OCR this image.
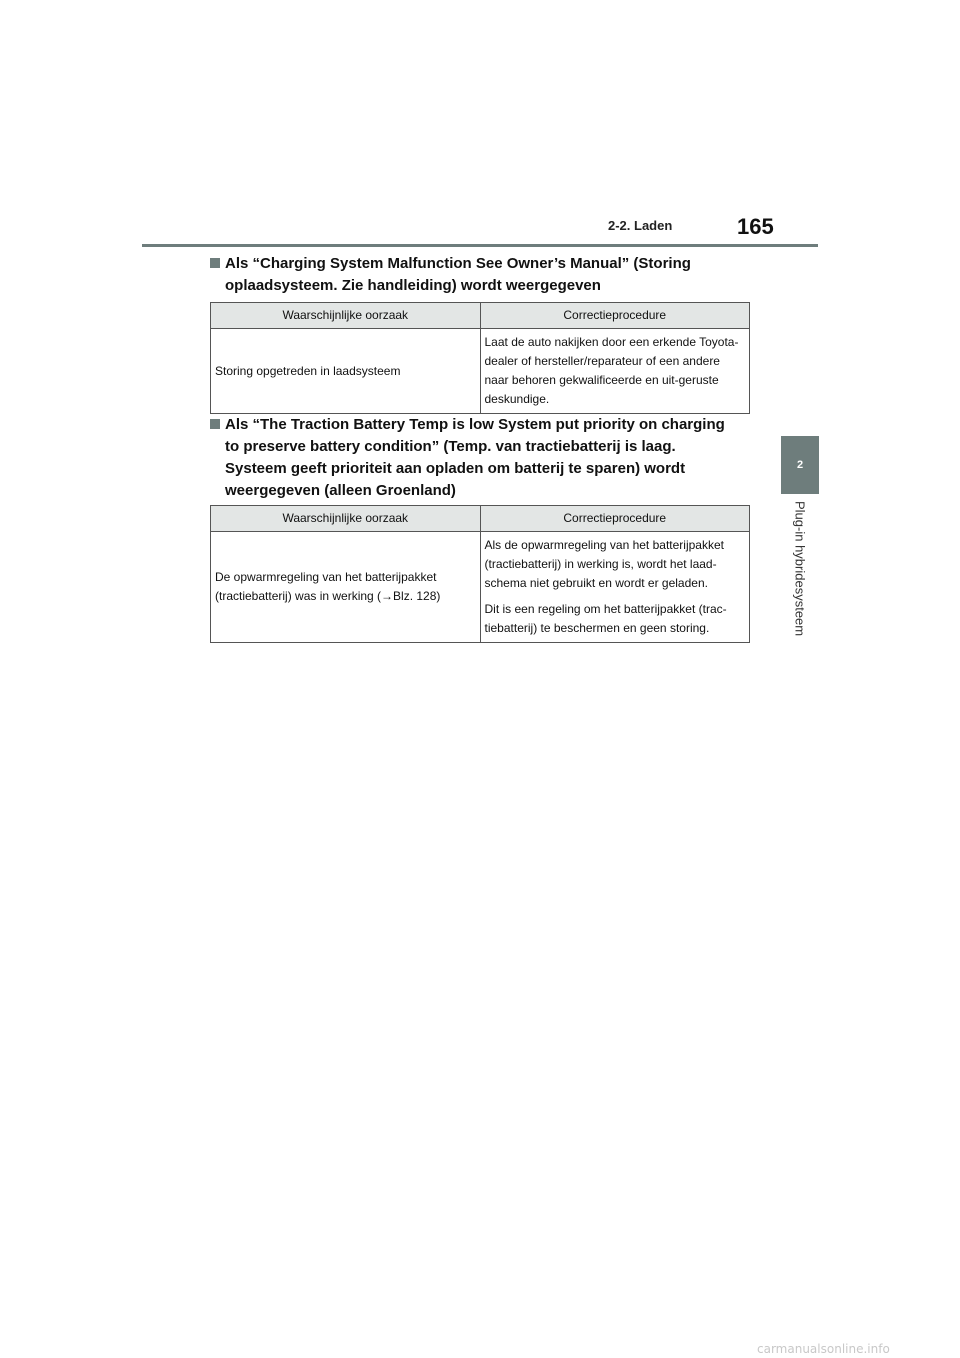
2-2. Laden	165
2
Plug-in hybridesysteem
Als “Charging System Malfunction See Owner’s Manual” (Storing oplaadsysteem. Zie handleiding) wordt weergegeven
Waarschijnlijke oorzaak	Correctieprocedure

Storing opgetreden in laadsysteem	Laat de auto nakijken door een erkende Toyota-dealer of hersteller/reparateur of een andere naar behoren gekwalificeerde en uit-geruste deskundige.
Als “The Traction Battery Temp is low System put priority on charging to preserve battery condition” (Temp. van tractiebatterij is laag. Systeem geeft prioriteit aan opladen om batterij te sparen) wordt weergegeven (alleen Groenland)
Waarschijnlijke oorzaak	Correctieprocedure

De opwarmregeling van het batterijpakket (tractiebatterij) was in werking (→Blz. 128)	Als de opwarmregeling van het batterijpakket (tractiebatterij) in werking is, wordt het laad-schema niet gebruikt en wordt er geladen.
Dit is een regeling om het batterijpakket (trac-tiebatterij) te beschermen en geen storing.
carmanualsonline.info
